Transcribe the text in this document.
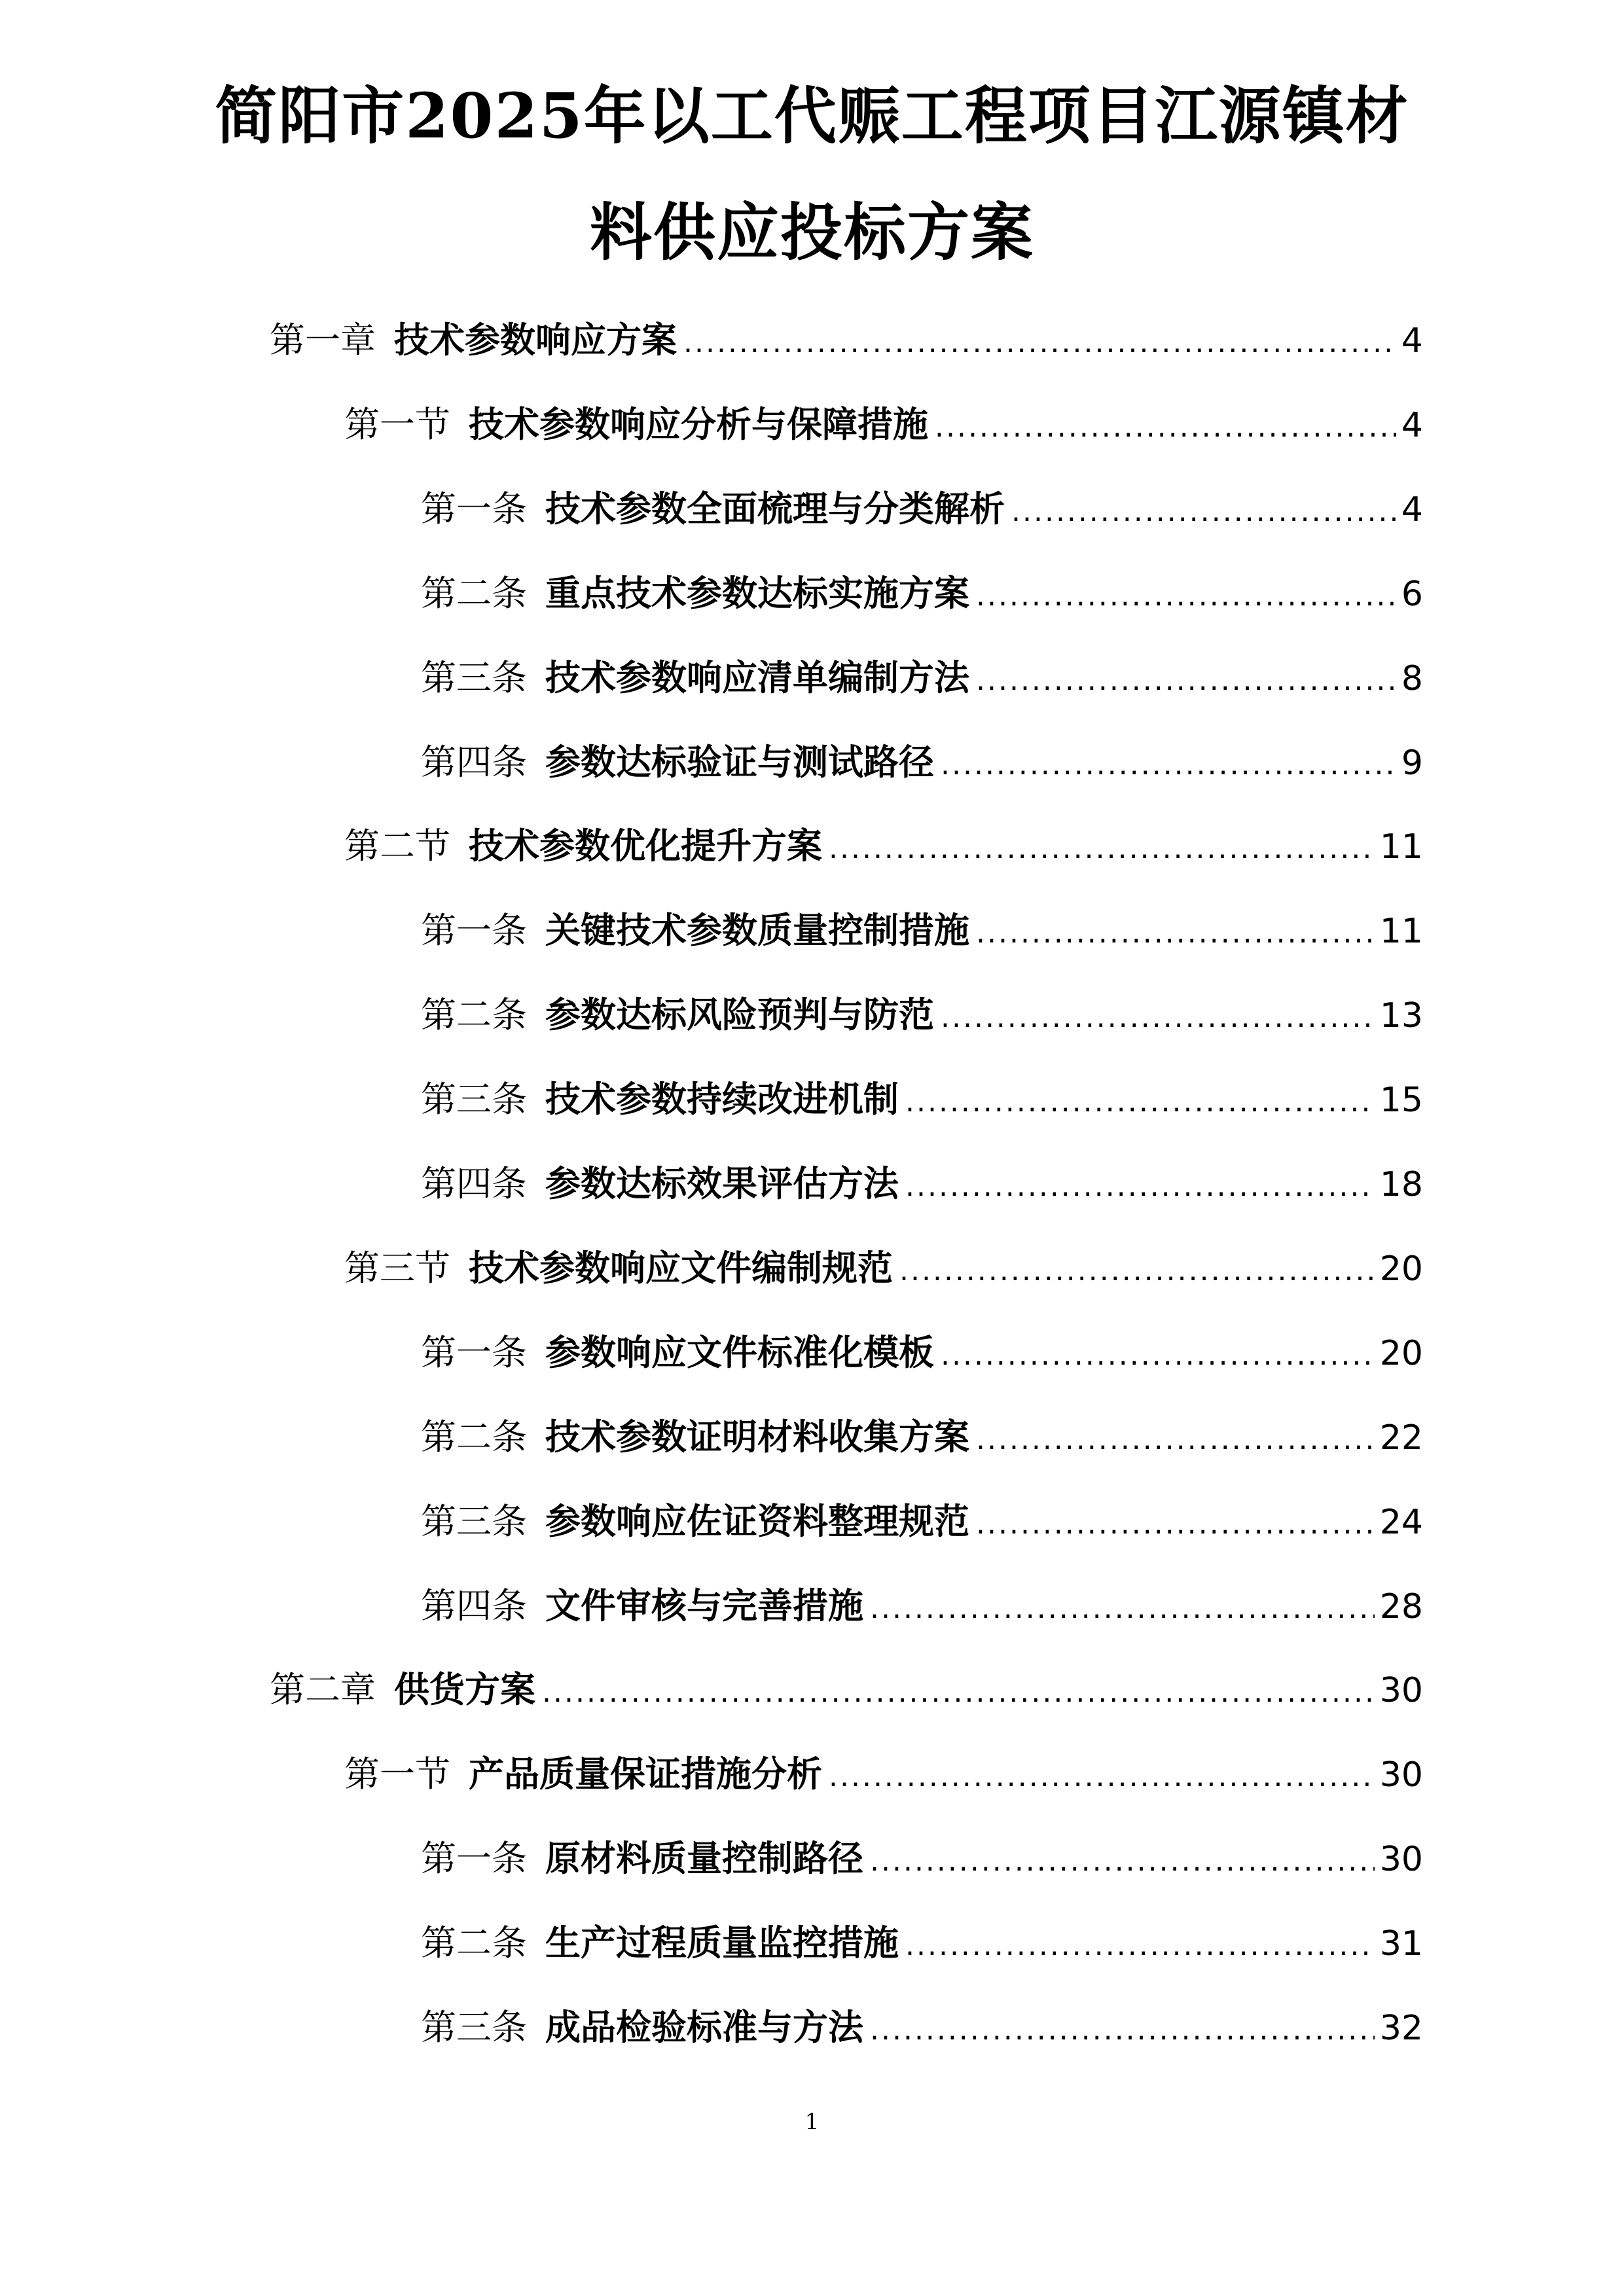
简阳市2025年以工代赈工程项目江源镇材
料供应投标方案
第一章 技术参数响应方案 .....	4
第一节 技术参数响应分析与保障措施 .....	4
第一条 技术参数全面梳理与分类解析 .....	4
第二条 重点技术参数达标实施方案 .....	6
第三条 技术参数响应清单编制方法 .....	8
第四条 参数达标验证与测试路径 .....	9
第二节 技术参数优化提升方案 .....	11
第一条 关键技术参数质量控制措施 .....	11
第二条 参数达标风险预判与防范 .....	13
第三条 技术参数持续改进机制 .....	15
第四条 参数达标效果评估方法 .....	18
第三节 技术参数响应文件编制规范 .....	20
第一条 参数响应文件标准化模板 .....	20
第二条 技术参数证明材料收集方案 .....	22
第三条 参数响应佐证资料整理规范 .....	24
第四条 文件审核与完善措施 .....	28
第二章 供货方案 .....	30
第一节 产品质量保证措施分析 .....	30
第一条 原材料质量控制路径 .....	30
第二条 生产过程质量监控措施 .....	31
第三条 成品检验标准与方法 .....	32
1
